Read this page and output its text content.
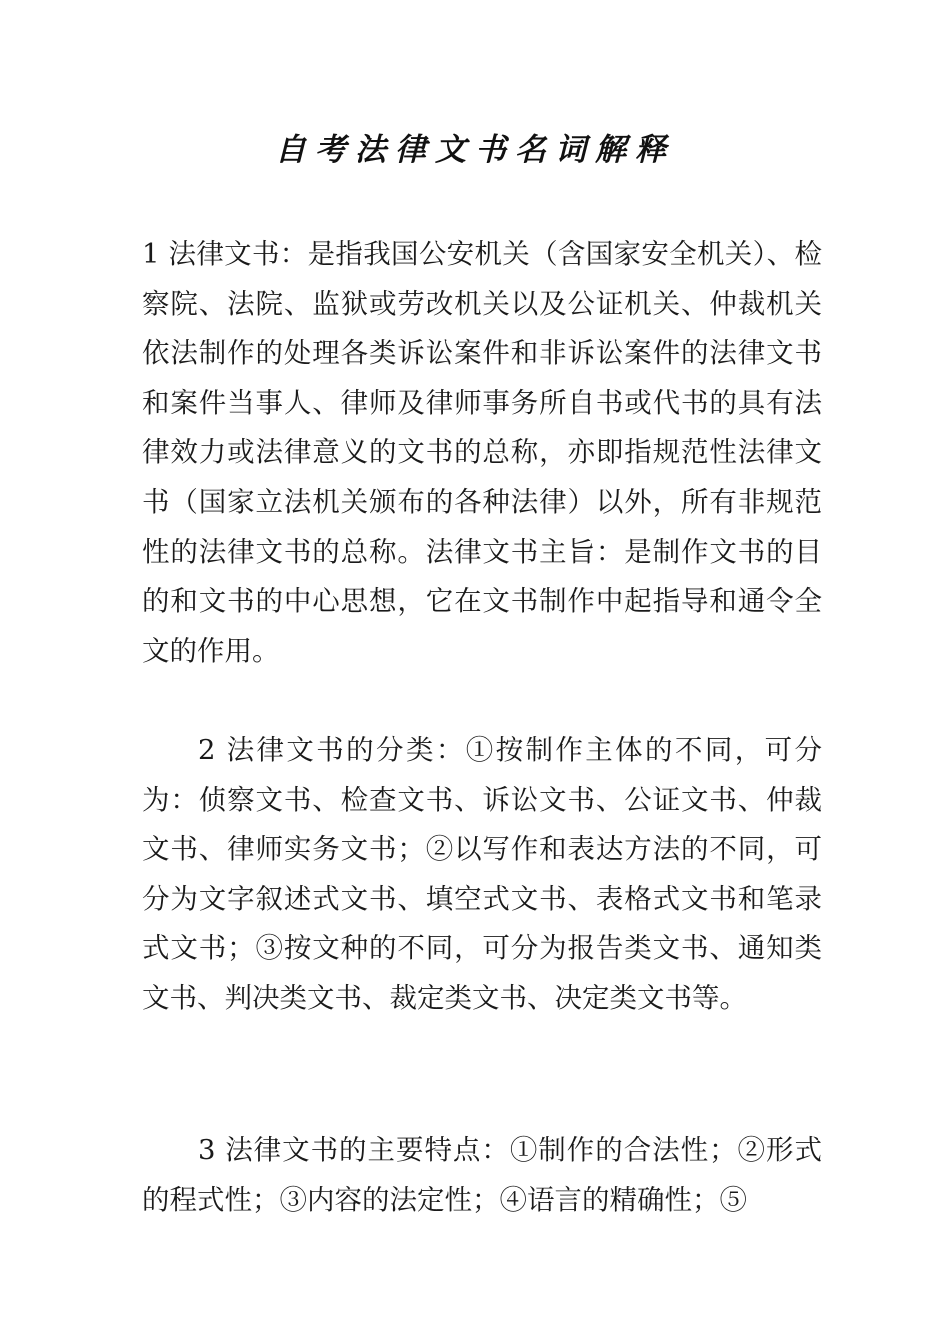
自考法律文书名词解释

1 法律文书：是指我国公安机关（含国家安全机关）、检察院、法院、监狱或劳改机关以及公证机关、仲裁机关依法制作的处理各类诉讼案件和非诉讼案件的法律文书和案件当事人、律师及律师事务所自书或代书的具有法律效力或法律意义的文书的总称，亦即指规范性法律文书（国家立法机关颁布的各种法律）以外，所有非规范性的法律文书的总称。法律文书主旨：是制作文书的目的和文书的中心思想，它在文书制作中起指导和通令全文的作用。

2 法律文书的分类：①按制作主体的不同，可分为：侦察文书、检查文书、诉讼文书、公证文书、仲裁文书、律师实务文书；②以写作和表达方法的不同，可分为文字叙述式文书、填空式文书、表格式文书和笔录式文书；③按文种的不同，可分为报告类文书、通知类文书、判决类文书、裁定类文书、决定类文书等。

3 法律文书的主要特点：①制作的合法性；②形式的程式性；③内容的法定性；④语言的精确性；⑤
